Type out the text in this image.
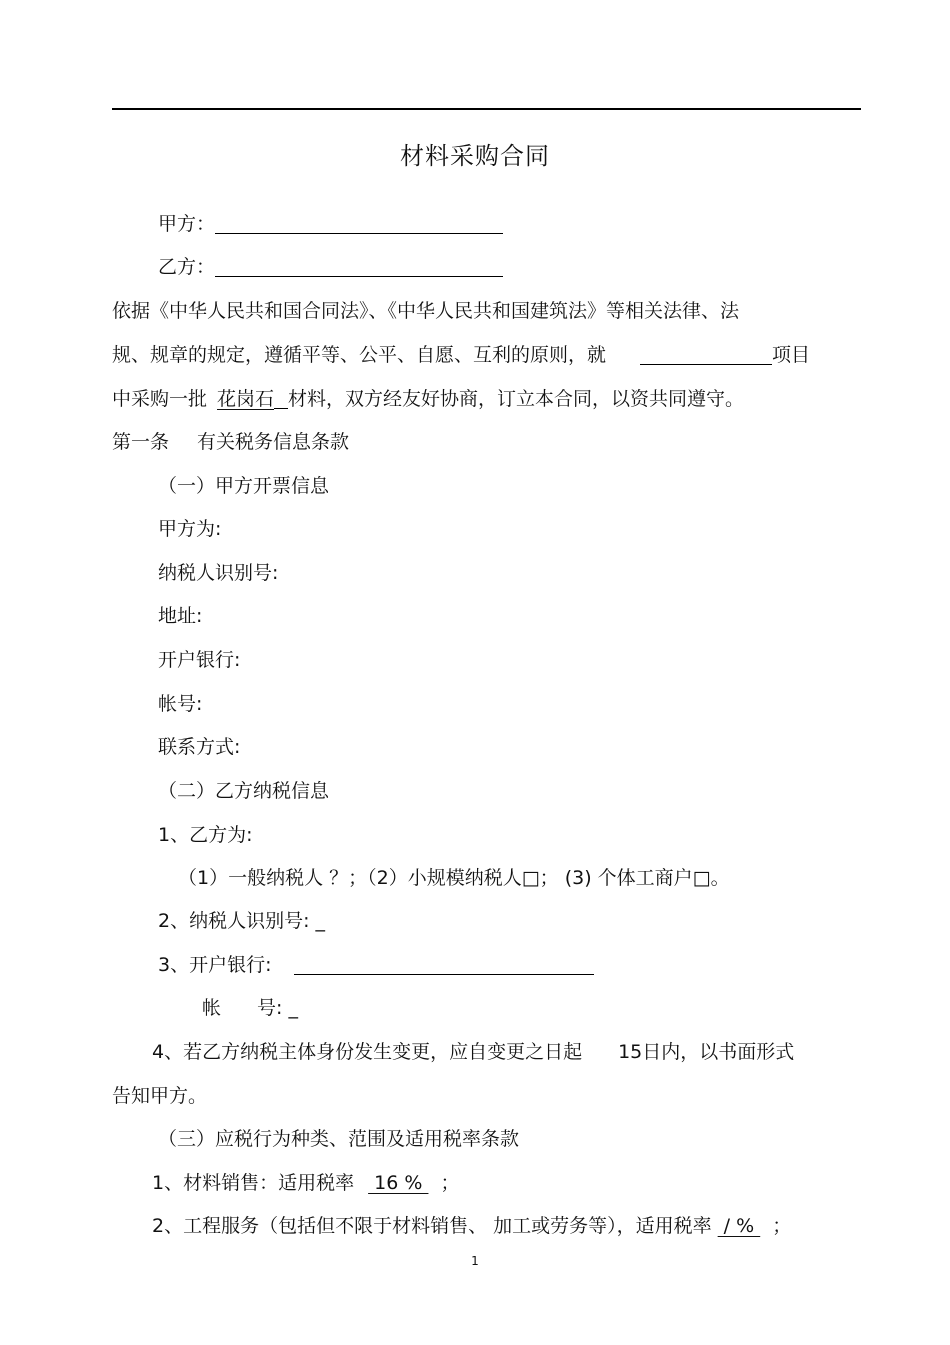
材料采购合同
甲方：
乙方：
依据《中华人民共和国合同法》、《中华人民共和国建筑法》等相关法律、法
规、规章的规定，遵循平等、公平、自愿、互利的原则，就	项目
中采购一批 花岗石 材料，双方经友好协商，订立本合同，以资共同遵守。
第一条 有关税务信息条款
（一）甲方开票信息
甲方为:
纳税人识别号:
地址:
开户银行:
帐号:
联系方式:
（二）乙方纳税信息
1、乙方为:
（1）一般纳税人 ？；（2）小规模纳税人□； (3) 个体工商户□。
2、纳税人识别号: _
3、开户银行:
帐 号: _
4、若乙方纳税主体身份发生变更，应自变更之日起 15日内，以书面形式
告知甲方。
（三）应税行为种类、范围及适用税率条款
1、材料销售：适用税率 16 % ；
2、工程服务（包括但不限于材料销售、 加工或劳务等），适用税率 / % ；
1
